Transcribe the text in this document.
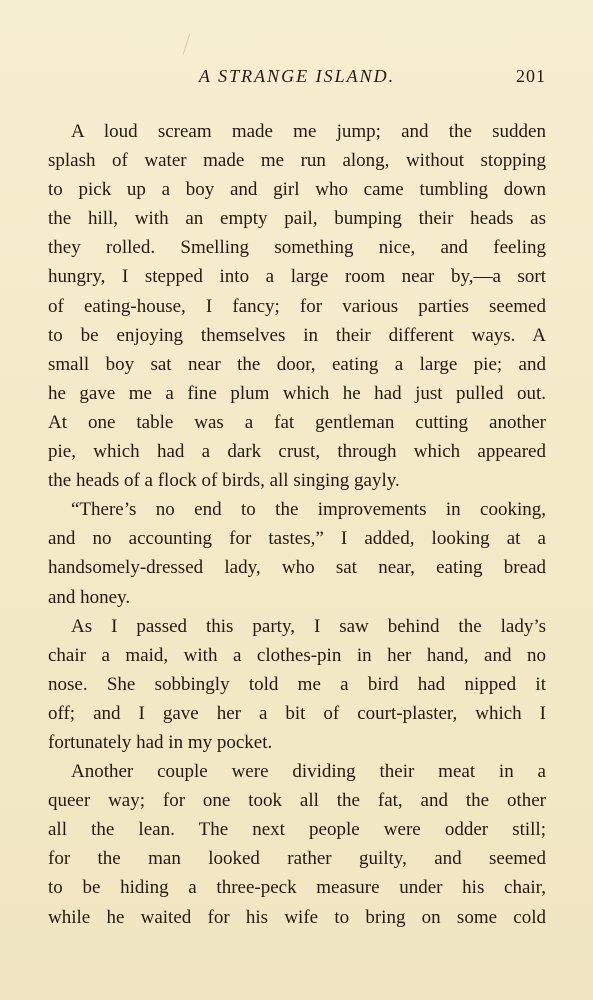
A STRANGE ISLAND.	201
A loud scream made me jump; and the sudden
splash of water made me run along, without stopping
to pick up a boy and girl who came tumbling down
the hill, with an empty pail, bumping their heads as
they rolled. Smelling something nice, and feeling
hungry, I stepped into a large room near by,—a sort
of eating-house, I fancy; for various parties seemed
to be enjoying themselves in their different ways. A
small boy sat near the door, eating a large pie; and
he gave me a fine plum which he had just pulled out.
At one table was a fat gentleman cutting another
pie, which had a dark crust, through which appeared
the heads of a flock of birds, all singing gayly.
“There’s no end to the improvements in cooking,
and no accounting for tastes,” I added, looking at a
handsomely-dressed lady, who sat near, eating bread
and honey.
As I passed this party, I saw behind the lady’s
chair a maid, with a clothes-pin in her hand, and no
nose. She sobbingly told me a bird had nipped it
off; and I gave her a bit of court-plaster, which I
fortunately had in my pocket.
Another couple were dividing their meat in a
queer way; for one took all the fat, and the other
all the lean. The next people were odder still;
for the man looked rather guilty, and seemed
to be hiding a three-peck measure under his chair,
while he waited for his wife to bring on some cold
